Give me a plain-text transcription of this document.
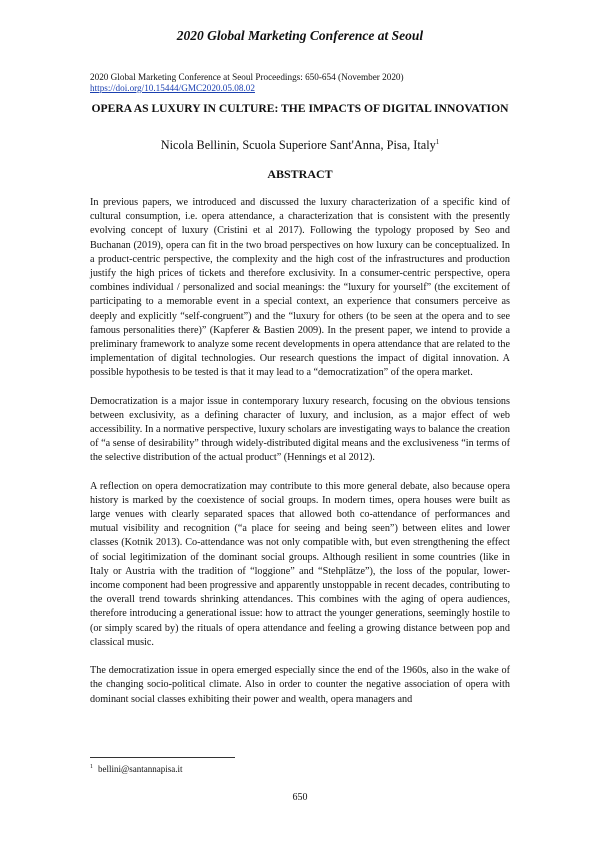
2020 Global Marketing Conference at Seoul
2020 Global Marketing Conference at Seoul Proceedings: 650-654 (November 2020)
https://doi.org/10.15444/GMC2020.05.08.02
OPERA AS LUXURY IN CULTURE: THE IMPACTS OF DIGITAL INNOVATION
Nicola Bellinin, Scuola Superiore Sant'Anna, Pisa, Italy$^1$
ABSTRACT

In previous papers, we introduced and discussed the luxury characterization of a specific kind of cultural consumption, i.e. opera attendance, a characterization that is consistent with the presently evolving concept of luxury (Cristini et al 2017). Following the typology proposed by Seo and Buchanan (2019), opera can fit in the two broad perspectives on how luxury can be conceptualized. In a product-centric perspective, the complexity and the high cost of the infrastructures and production justify the high prices of tickets and therefore exclusivity. In a consumer-centric perspective, opera combines individual / personalized and social meanings: the “luxury for yourself” (the excitement of participating to a memorable event in a special context, an experience that consumers perceive as deeply and explicitly “self-congruent”) and the “luxury for others (to be seen at the opera and to see famous personalities there)” (Kapferer & Bastien 2009). In the present paper, we intend to provide a preliminary framework to analyze some recent developments in opera attendance that are related to the implementation of digital technologies. Our research questions the impact of digital innovation. A possible hypothesis to be tested is that it may lead to a “democratization” of the opera market.

Democratization is a major issue in contemporary luxury research, focusing on the obvious tensions between exclusivity, as a defining character of luxury, and inclusion, as a major effect of web accessibility. In a normative perspective, luxury scholars are investigating ways to balance the creation of “a sense of desirability” through widely-distributed digital means and the exclusiveness “in terms of the selective distribution of the actual product” (Hennings et al 2012).

A reflection on opera democratization may contribute to this more general debate, also because opera history is marked by the coexistence of social groups. In modern times, opera houses were built as large venues with clearly separated spaces that allowed both co-attendance of performances and mutual visibility and recognition (“a place for seeing and being seen”) between elites and lower classes (Kotnik 2013). Co-attendance was not only compatible with, but even strengthening the effect of social legitimization of the dominant social groups. Although resilient in some countries (like in Italy or Austria with the tradition of “loggione” and “Stehplätze”), the loss of the popular, lower-income component had been progressive and apparently unstoppable in recent decades, contributing to the overall trend towards shrinking attendances. This combines with the aging of opera audiences, therefore introducing a generational issue: how to attract the younger generations, seemingly hostile to (or simply scared by) the rituals of opera attendance and feeling a growing distance between pop and classical music.

The democratization issue in opera emerged especially since the end of the 1960s, also in the wake of the changing socio-political climate. Also in order to counter the negative association of opera with dominant social classes exhibiting their power and wealth, opera managers and

$^1$ bellini@santannapisa.it
650
